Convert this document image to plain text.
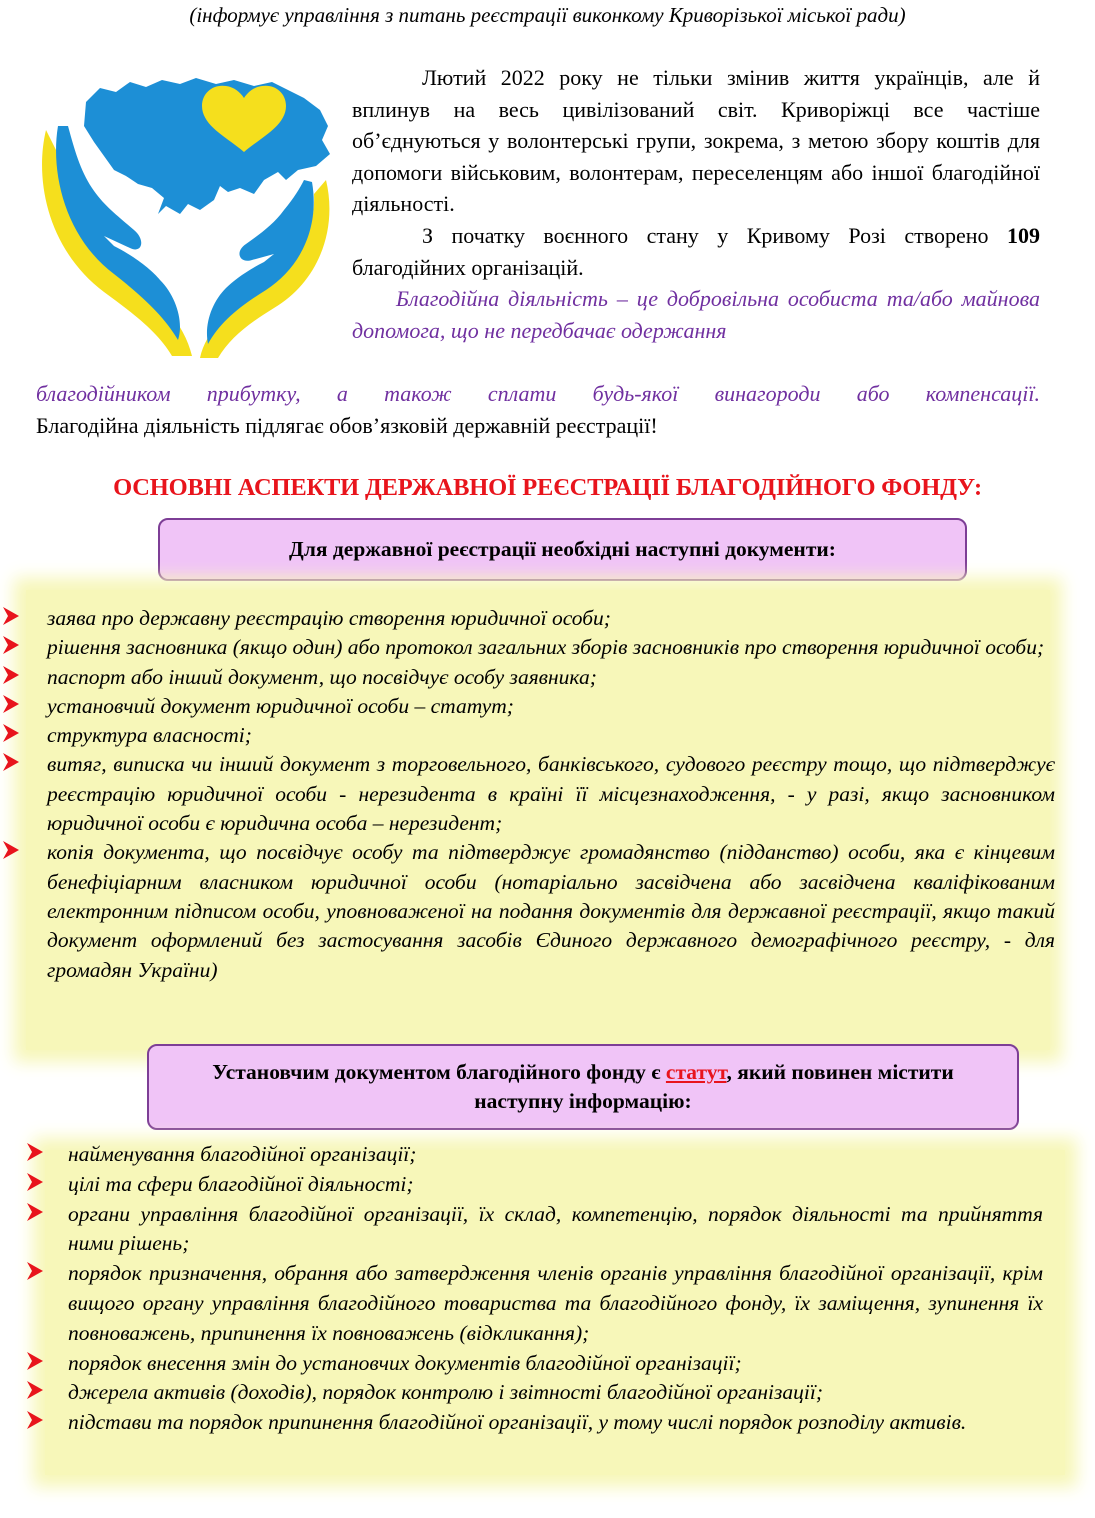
(інформує управління з питань реєстрації виконкому Криворізької міської ради)

Лютий 2022 року не тільки змінив життя українців, але й вплинув на весь цивілізований світ. Криворіжці все частіше об’єднуються у волонтерські групи, зокрема, з метою збору коштів для допомоги військовим, волонтерам, переселенцям або іншої благодійної діяльності.

З початку воєнного стану у Кривому Розі створено 109 благодійних організацій.

Благодійна діяльність – це добровільна особиста та/або майнова допомога, що не передбачає одержання

благодійником прибутку, а також сплати будь-якої винагороди або компенсації.
Благодійна діяльність підлягає обов’язковій державній реєстрації!
ОСНОВНІ АСПЕКТИ ДЕРЖАВНОЇ РЕЄСТРАЦІЇ БЛАГОДІЙНОГО ФОНДУ:
Для державної реєстрації необхідні наступні документи:
заява про державну реєстрацію створення юридичної особи;
рішення засновника (якщо один) або протокол загальних зборів засновників про створення юридичної особи;
паспорт або інший документ, що посвідчує особу заявника;
установчий документ юридичної особи – статут;
структура власності;
витяг, виписка чи інший документ з торговельного, банківського, судового реєстру тощо, що підтверджує реєстрацію юридичної особи - нерезидента в країні її місцезнаходження, - у разі, якщо засновником юридичної особи є юридична особа – нерезидент;
копія документа, що посвідчує особу та підтверджує громадянство (підданство) особи, яка є кінцевим бенефіціарним власником юридичної особи (нотаріально засвідчена або засвідчена кваліфікованим електронним підписом особи, уповноваженої на подання документів для державної реєстрації, якщо такий документ оформлений без застосування засобів Єдиного державного демографічного реєстру, - для громадян України)
Установчим документом благодійного фонду є статут, який повинен містити наступну інформацію:
найменування благодійної організації;
цілі та сфери благодійної діяльності;
органи управління благодійної організації, їх склад, компетенцію, порядок діяльності та прийняття ними рішень;
порядок призначення, обрання або затвердження членів органів управління благодійної організації, крім вищого органу управління благодійного товариства та благодійного фонду, їх заміщення, зупинення їх повноважень, припинення їх повноважень (відкликання);
порядок внесення змін до установчих документів благодійної організації;
джерела активів (доходів), порядок контролю і звітності благодійної організації;
підстави та порядок припинення благодійної організації, у тому числі порядок розподілу активів.
